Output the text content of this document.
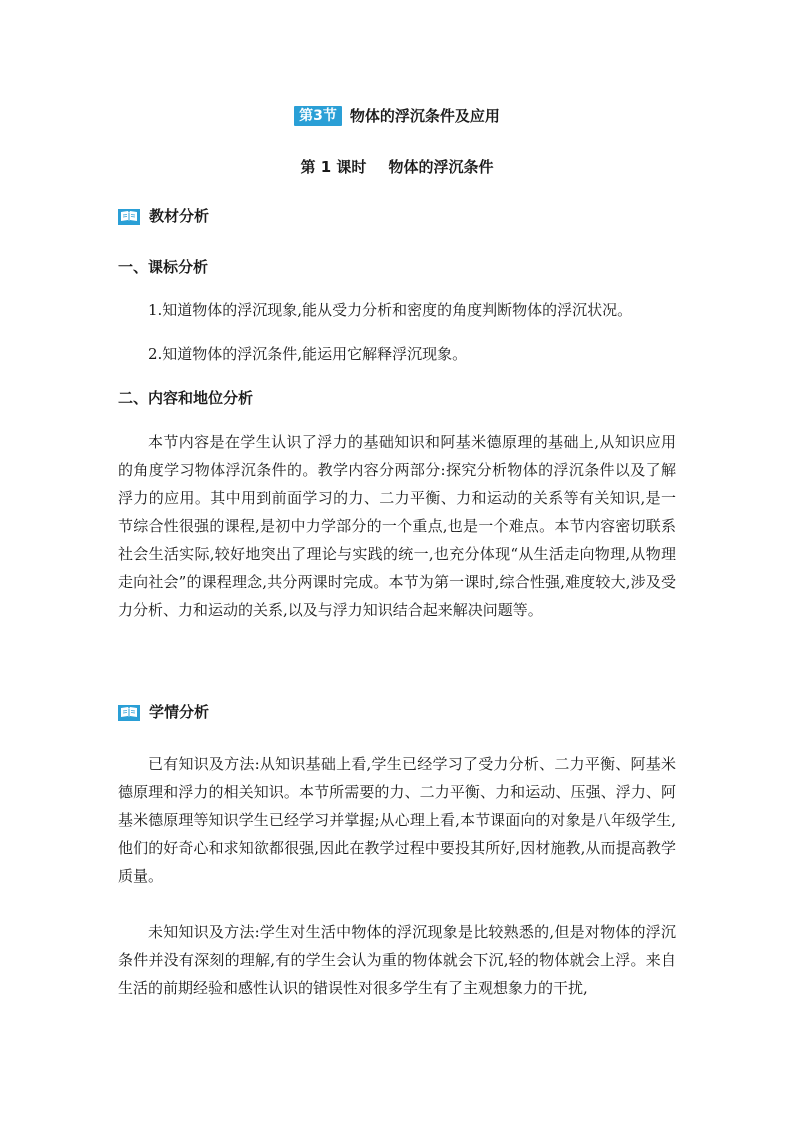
第3节 物体的浮沉条件及应用
第 1 课时 物体的浮沉条件
教材分析
一、课标分析
1.知道物体的浮沉现象,能从受力分析和密度的角度判断物体的浮沉状况。
2.知道物体的浮沉条件,能运用它解释浮沉现象。
二、内容和地位分析
本节内容是在学生认识了浮力的基础知识和阿基米德原理的基础上,从知识应用的角度学习物体浮沉条件的。教学内容分两部分:探究分析物体的浮沉条件以及了解浮力的应用。其中用到前面学习的力、二力平衡、力和运动的关系等有关知识,是一节综合性很强的课程,是初中力学部分的一个重点,也是一个难点。本节内容密切联系社会生活实际,较好地突出了理论与实践的统一,也充分体现“从生活走向物理,从物理走向社会”的课程理念,共分两课时完成。本节为第一课时,综合性强,难度较大,涉及受力分析、力和运动的关系,以及与浮力知识结合起来解决问题等。
学情分析
已有知识及方法:从知识基础上看,学生已经学习了受力分析、二力平衡、阿基米德原理和浮力的相关知识。本节所需要的力、二力平衡、力和运动、压强、浮力、阿基米德原理等知识学生已经学习并掌握;从心理上看,本节课面向的对象是八年级学生,他们的好奇心和求知欲都很强,因此在教学过程中要投其所好,因材施教,从而提高教学质量。
未知知识及方法:学生对生活中物体的浮沉现象是比较熟悉的,但是对物体的浮沉条件并没有深刻的理解,有的学生会认为重的物体就会下沉,轻的物体就会上浮。来自生活的前期经验和感性认识的错误性对很多学生有了主观想象力的干扰,
